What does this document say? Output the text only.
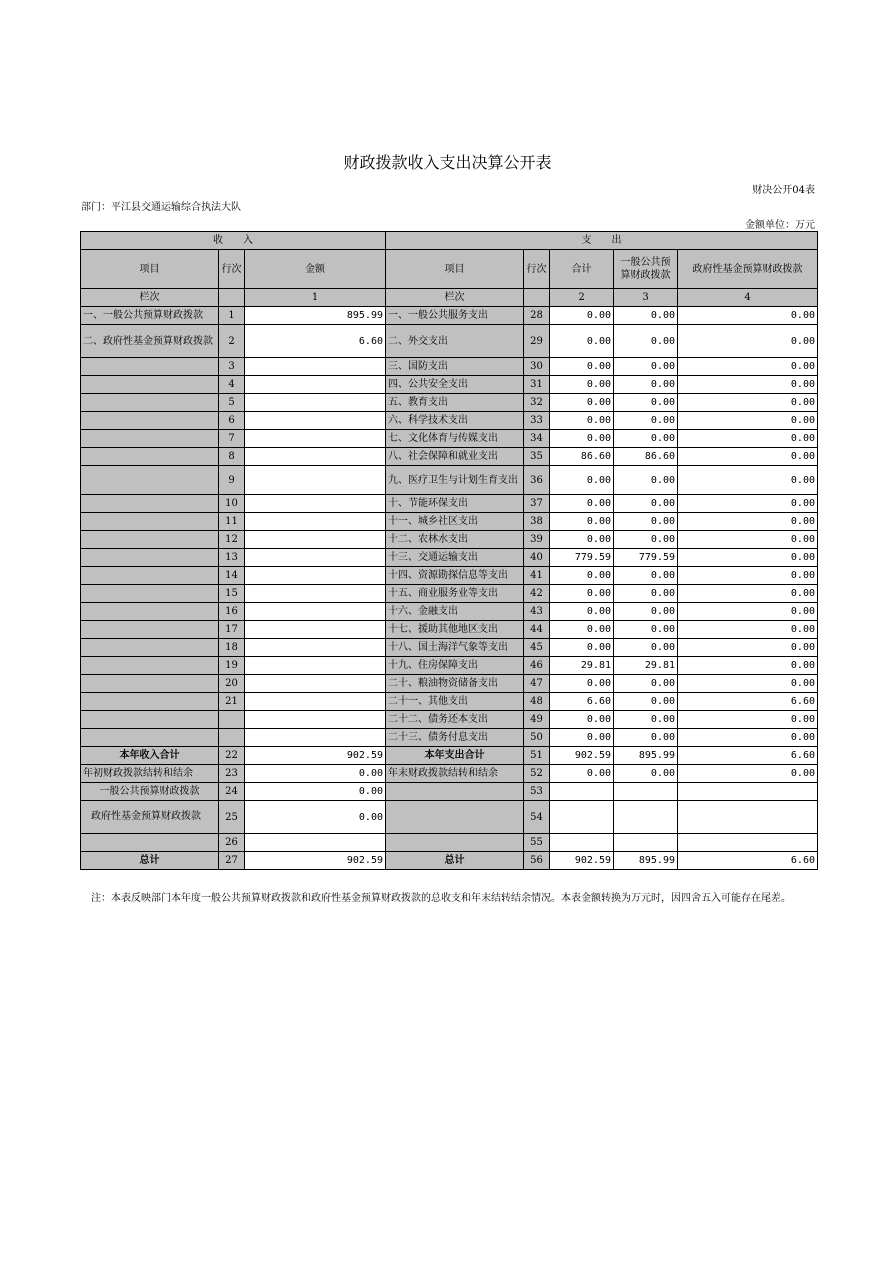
财政拨款收入支出决算公开表
财决公开04表
部门：平江县交通运输综合执法大队
金额单位：万元
收　　入			支　　出				
项目	行次	金额	项目	行次	合计	一般公共预算财政拨款	政府性基金预算财政拨款
栏次		1	栏次		2	3	4
一、一般公共预算财政拨款	1	895.99	一、一般公共服务支出	28	0.00	0.00	0.00
二、政府性基金预算财政拨款	2	6.60	二、外交支出	29	0.00	0.00	0.00
	3		三、国防支出	30	0.00	0.00	0.00
	4		四、公共安全支出	31	0.00	0.00	0.00
	5		五、教育支出	32	0.00	0.00	0.00
	6		六、科学技术支出	33	0.00	0.00	0.00
	7		七、文化体育与传媒支出	34	0.00	0.00	0.00
	8		八、社会保障和就业支出	35	86.60	86.60	0.00
	9		九、医疗卫生与计划生育支出	36	0.00	0.00	0.00
	10		十、节能环保支出	37	0.00	0.00	0.00
	11		十一、城乡社区支出	38	0.00	0.00	0.00
	12		十二、农林水支出	39	0.00	0.00	0.00
	13		十三、交通运输支出	40	779.59	779.59	0.00
	14		十四、资源勘探信息等支出	41	0.00	0.00	0.00
	15		十五、商业服务业等支出	42	0.00	0.00	0.00
	16		十六、金融支出	43	0.00	0.00	0.00
	17		十七、援助其他地区支出	44	0.00	0.00	0.00
	18		十八、国土海洋气象等支出	45	0.00	0.00	0.00
	19		十九、住房保障支出	46	29.81	29.81	0.00
	20		二十、粮油物资储备支出	47	0.00	0.00	0.00
	21		二十一、其他支出	48	6.60	0.00	6.60
			二十二、债务还本支出	49	0.00	0.00	0.00
			二十三、债务付息支出	50	0.00	0.00	0.00
本年收入合计	22	902.59	本年支出合计	51	902.59	895.99	6.60
年初财政拨款结转和结余	23	0.00	年末财政拨款结转和结余	52	0.00	0.00	0.00
一般公共预算财政拨款	24	0.00		53			
政府性基金预算财政拨款	25	0.00		54			
	26			55			
总计	27	902.59	总计	56	902.59	895.99	6.60
注：本表反映部门本年度一般公共预算财政拨款和政府性基金预算财政拨款的总收支和年末结转结余情况。本表金额转换为万元时，因四舍五入可能存在尾差。
